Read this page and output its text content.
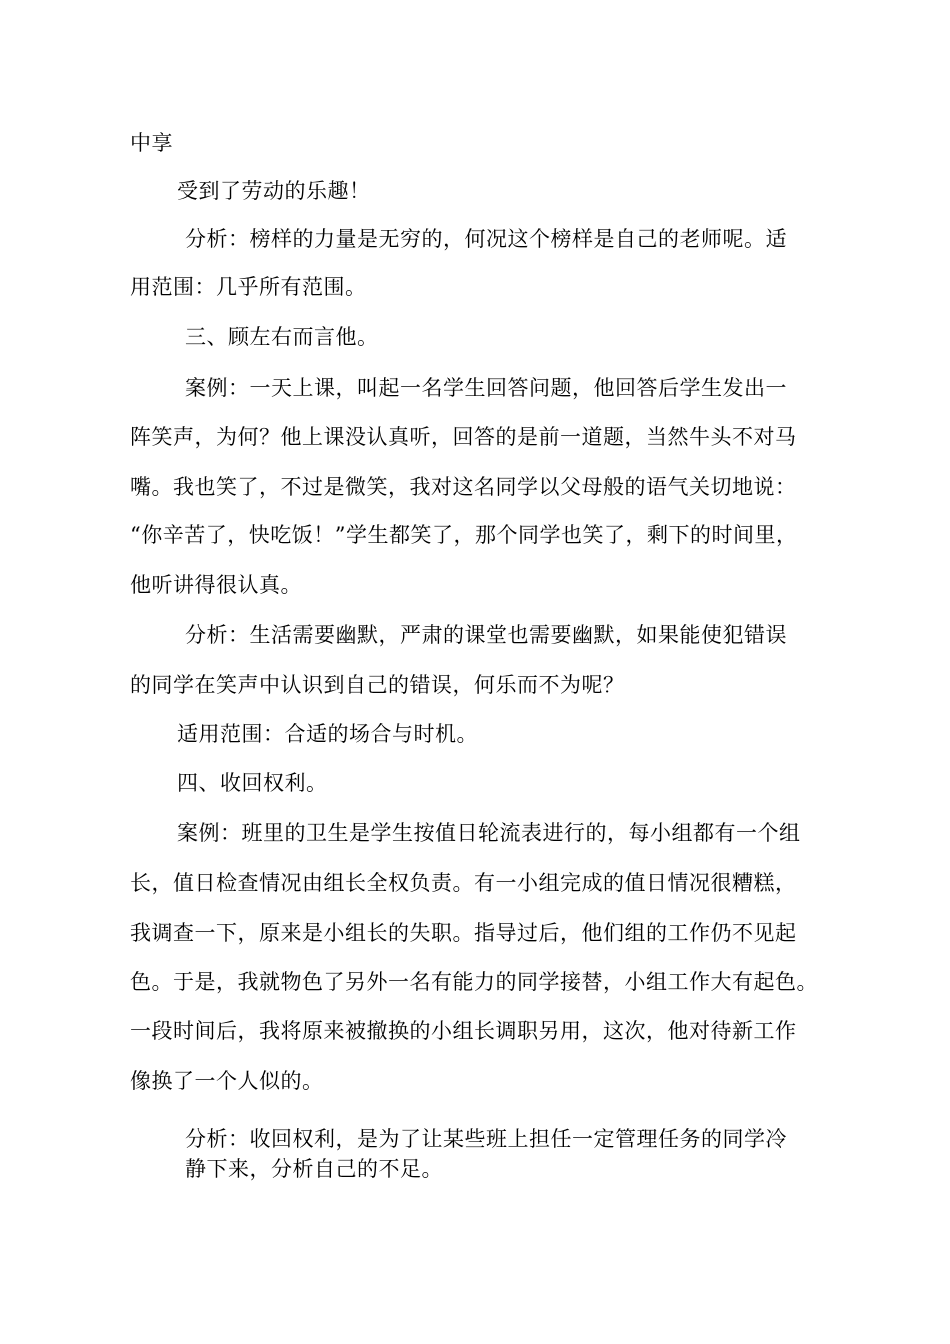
中享
受到了劳动的乐趣！
分析：榜样的力量是无穷的，何况这个榜样是自己的老师呢。适
用范围：几乎所有范围。
三、顾左右而言他。
案例：一天上课，叫起一名学生回答问题，他回答后学生发出一
阵笑声，为何？他上课没认真听，回答的是前一道题，当然牛头不对马
嘴。我也笑了，不过是微笑，我对这名同学以父母般的语气关切地说：
“你辛苦了，快吃饭！”学生都笑了，那个同学也笑了，剩下的时间里，
他听讲得很认真。
分析：生活需要幽默，严肃的课堂也需要幽默，如果能使犯错误
的同学在笑声中认识到自己的错误，何乐而不为呢？
适用范围：合适的场合与时机。
四、收回权利。
案例：班里的卫生是学生按值日轮流表进行的，每小组都有一个组
长，值日检查情况由组长全权负责。有一小组完成的值日情况很糟糕，
我调查一下，原来是小组长的失职。指导过后，他们组的工作仍不见起
色。于是，我就物色了另外一名有能力的同学接替，小组工作大有起色。
一段时间后，我将原来被撤换的小组长调职另用，这次，他对待新工作
像换了一个人似的。
分析：收回权利，是为了让某些班上担任一定管理任务的同学冷
静下来，分析自己的不足。
